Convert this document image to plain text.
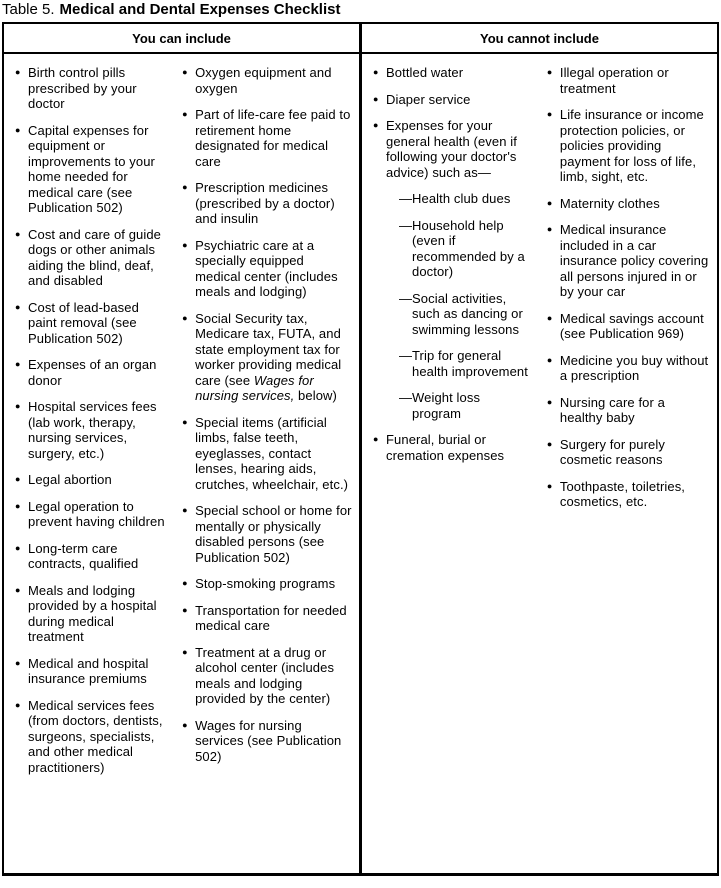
Table 5. Medical and Dental Expenses Checklist
You can include
● Birth control pills prescribed by your doctor
● Capital expenses for equipment or improvements to your home needed for medical care (see Publication 502)
● Cost and care of guide dogs or other animals aiding the blind, deaf, and disabled
● Cost of lead-based paint removal (see Publication 502)
● Expenses of an organ donor
● Hospital services fees (lab work, therapy, nursing services, surgery, etc.)
● Legal abortion
● Legal operation to prevent having children
● Long-term care contracts, qualified
● Meals and lodging provided by a hospital during medical treatment
● Medical and hospital insurance premiums
● Medical services fees (from doctors, dentists, surgeons, specialists, and other medical practitioners)
● Oxygen equipment and oxygen
● Part of life-care fee paid to retirement home designated for medical care
● Prescription medicines (prescribed by a doctor) and insulin
● Psychiatric care at a specially equipped medical center (includes meals and lodging)
● Social Security tax, Medicare tax, FUTA, and state employment tax for worker providing medical care (see Wages for nursing services, below)
● Special items (artificial limbs, false teeth, eyeglasses, contact lenses, hearing aids, crutches, wheelchair, etc.)
● Special school or home for mentally or physically disabled persons (see Publication 502)
● Stop-smoking programs
● Transportation for needed medical care
● Treatment at a drug or alcohol center (includes meals and lodging provided by the center)
● Wages for nursing services (see Publication 502)
You cannot include
● Bottled water
● Diaper service
● Expenses for your general health (even if following your doctor's advice) such as—
— Health club dues
— Household help (even if recommended by a doctor)
— Social activities, such as dancing or swimming lessons
— Trip for general health improvement
— Weight loss program
● Funeral, burial or cremation expenses
● Illegal operation or treatment
● Life insurance or income protection policies, or policies providing payment for loss of life, limb, sight, etc.
● Maternity clothes
● Medical insurance included in a car insurance policy covering all persons injured in or by your car
● Medical savings account (see Publication 969)
● Medicine you buy without a prescription
● Nursing care for a healthy baby
● Surgery for purely cosmetic reasons
● Toothpaste, toiletries, cosmetics, etc.
